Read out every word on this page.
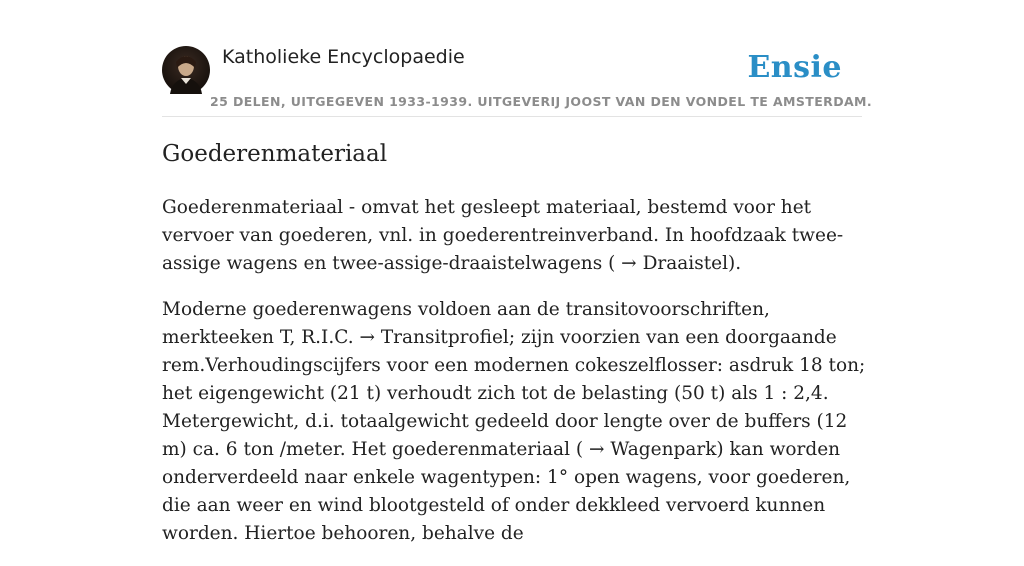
Katholieke Encyclopaedie	Ensie
25 DELEN, UITGEGEVEN 1933-1939. UITGEVERIJ JOOST VAN DEN VONDEL TE AMSTERDAM.
Goederenmateriaal

Goederenmateriaal - omvat het gesleept materiaal, bestemd voor het vervoer van goederen, vnl. in goederentreinverband. In hoofdzaak twee-assige wagens en twee-assige-draaistelwagens ( → Draaistel).

Moderne goederenwagens voldoen aan de transitovoorschriften, merkteeken T, R.I.C. → Transitprofiel; zijn voorzien van een doorgaande rem.Verhoudingscijfers voor een modernen cokeszelflosser: asdruk 18 ton; het eigengewicht (21 t) verhoudt zich tot de belasting (50 t) als 1 : 2,4. Metergewicht, d.i. totaalgewicht gedeeld door lengte over de buffers (12 m) ca. 6 ton /meter. Het goederenmateriaal ( → Wagenpark) kan worden onderverdeeld naar enkele wagentypen: 1° open wagens, voor goederen, die aan weer en wind blootgesteld of onder dekkleed vervoerd kunnen worden. Hiertoe behooren, behalve de
